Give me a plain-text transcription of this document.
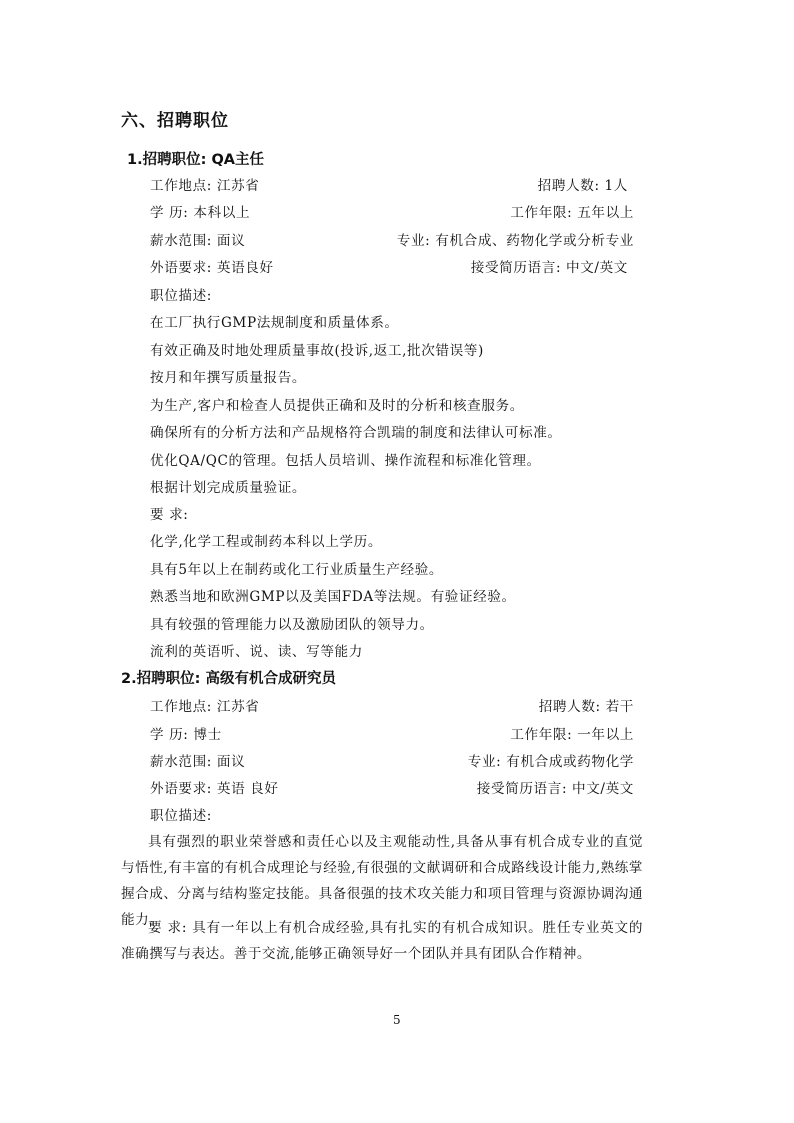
六、招聘职位
1.招聘职位: QA主任
工作地点: 江苏省	招聘人数: 1人
学 历: 本科以上	工作年限: 五年以上
薪水范围: 面议	专业: 有机合成、药物化学或分析专业
外语要求: 英语良好	接受简历语言: 中文/英文
职位描述:
在工厂执行GMP法规制度和质量体系。
有效正确及时地处理质量事故(投诉,返工,批次错误等)
按月和年撰写质量报告。
为生产,客户和检查人员提供正确和及时的分析和核查服务。
确保所有的分析方法和产品规格符合凯瑞的制度和法律认可标准。
优化QA/QC的管理。包括人员培训、操作流程和标准化管理。
根据计划完成质量验证。
要 求:
化学,化学工程或制药本科以上学历。
具有5年以上在制药或化工行业质量生产经验。
熟悉当地和欧洲GMP以及美国FDA等法规。有验证经验。
具有较强的管理能力以及激励团队的领导力。
流利的英语听、说、读、写等能力
2.招聘职位: 高级有机合成研究员
工作地点: 江苏省	招聘人数: 若干
学 历: 博士	工作年限: 一年以上
薪水范围: 面议	专业: 有机合成或药物化学
外语要求: 英语 良好	接受简历语言: 中文/英文
职位描述:
具有强烈的职业荣誉感和责任心以及主观能动性,具备从事有机合成专业的直觉与悟性,有丰富的有机合成理论与经验,有很强的文献调研和合成路线设计能力,熟练掌握合成、分离与结构鉴定技能。具备很强的技术攻关能力和项目管理与资源协调沟通能力。
要 求: 具有一年以上有机合成经验,具有扎实的有机合成知识。胜任专业英文的准确撰写与表达。善于交流,能够正确领导好一个团队并具有团队合作精神。
5
